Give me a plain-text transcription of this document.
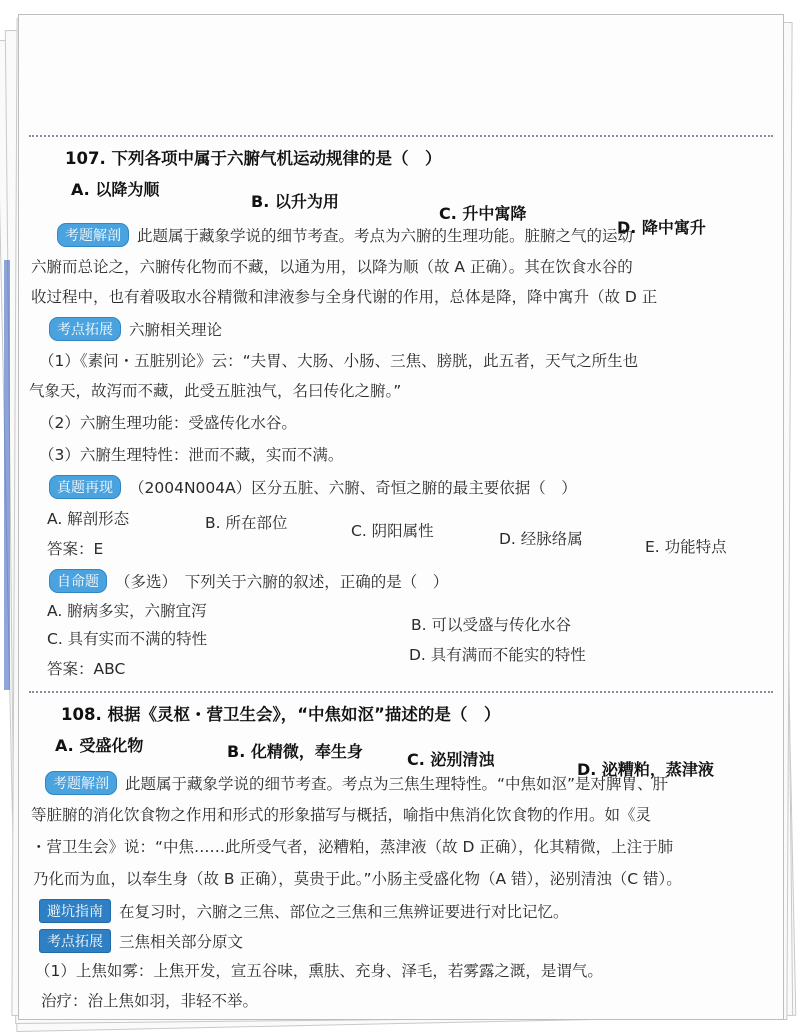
107. 下列各项中属于六腑气机运动规律的是（　）
A. 以降为顺
B. 以升为用
C. 升中寓降
D. 降中寓升
考题解剖 此题属于藏象学说的细节考查。考点为六腑的生理功能。脏腑之气的运动
六腑而总论之，六腑传化物而不藏，以通为用，以降为顺（故 A 正确）。其在饮食水谷的
收过程中，也有着吸取水谷精微和津液参与全身代谢的作用，总体是降，降中寓升（故 D 正
考点拓展 六腑相关理论
（1）《素问・五脏别论》云：“夫胃、大肠、小肠、三焦、膀胱，此五者，天气之所生也
气象天，故泻而不藏，此受五脏浊气，名曰传化之腑。”
（2）六腑生理功能：受盛传化水谷。
（3）六腑生理特性：泄而不藏，实而不满。
真题再现 （2004N004A）区分五脏、六腑、奇恒之腑的最主要依据（　）
A. 解剖形态	B. 所在部位	C. 阴阳属性	D. 经脉络属	E. 功能特点
答案：E
自命题 （多选）　下列关于六腑的叙述，正确的是（　）
A. 腑病多实，六腑宜泻
B. 可以受盛与传化水谷
C. 具有实而不满的特性
D. 具有满而不能实的特性
答案：ABC
108. 根据《灵枢・营卫生会》，“中焦如沤”描述的是（　）
A. 受盛化物	B. 化精微，奉生身	C. 泌别清浊
D. 泌糟粕，蒸津液
考题解剖 此题属于藏象学说的细节考查。考点为三焦生理特性。“中焦如沤”是对脾胃、肝
等脏腑的消化饮食物之作用和形式的形象描写与概括，喻指中焦消化饮食物的作用。如《灵
・营卫生会》说：“中焦……此所受气者，泌糟粕，蒸津液（故 D 正确），化其精微，上注于肺
乃化而为血，以奉生身（故 B 正确），莫贵于此。”小肠主受盛化物（A 错），泌别清浊（C 错）。
避坑指南 在复习时，六腑之三焦、部位之三焦和三焦辨证要进行对比记忆。
考点拓展 三焦相关部分原文
（1）上焦如雾：上焦开发，宣五谷味，熏肤、充身、泽毛，若雾露之溉，是谓气。
治疗：治上焦如羽，非轻不举。
